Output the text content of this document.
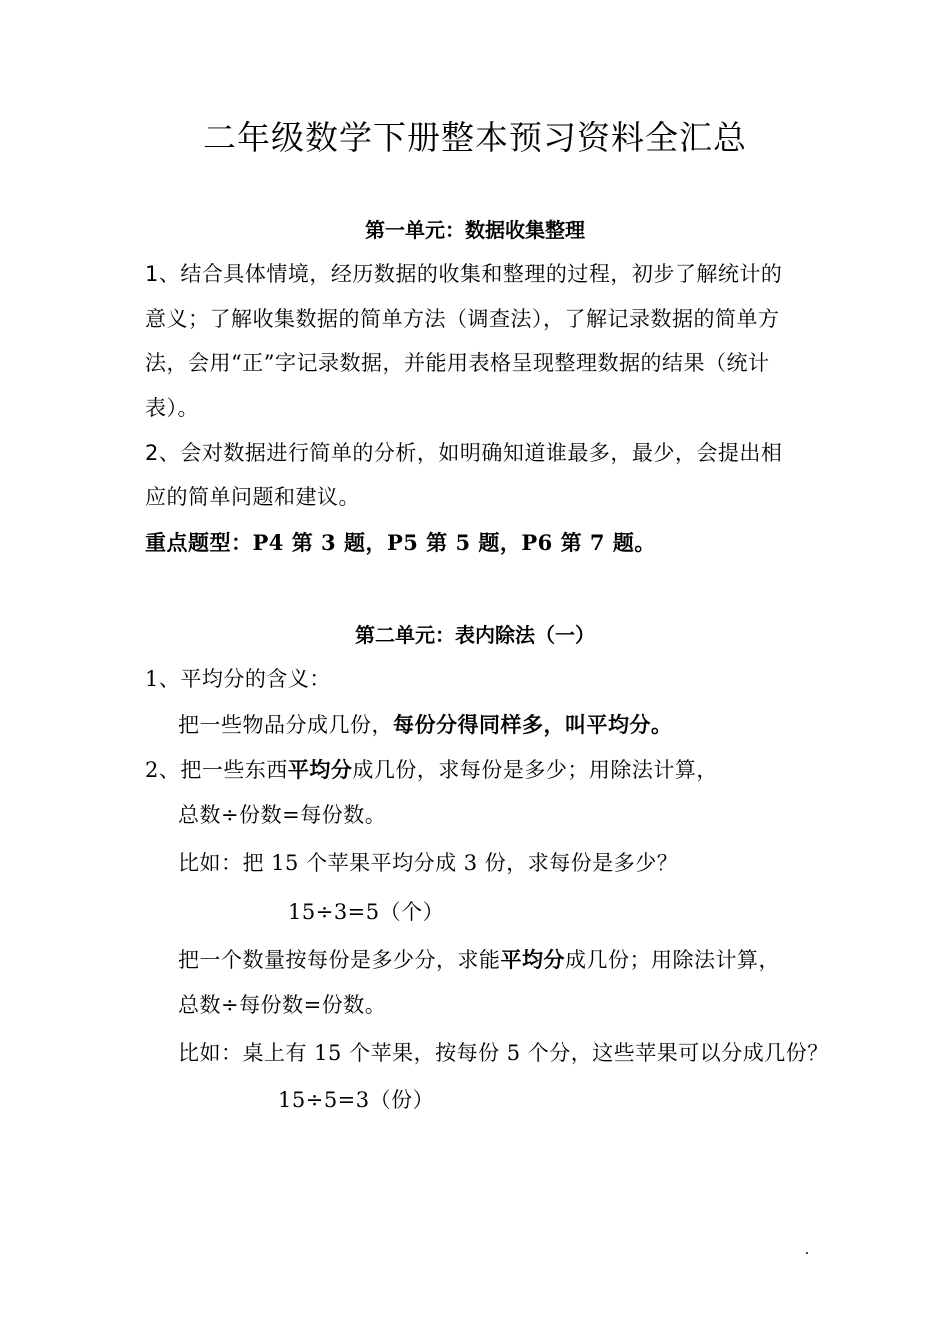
二年级数学下册整本预习资料全汇总
第一单元：数据收集整理
1、结合具体情境，经历数据的收集和整理的过程，初步了解统计的
意义；了解收集数据的简单方法（调查法），了解记录数据的简单方
法，会用“正”字记录数据，并能用表格呈现整理数据的结果（统计
表）。
2、会对数据进行简单的分析，如明确知道谁最多，最少，会提出相
应的简单问题和建议。
重点题型：P4 第 3 题，P5 第 5 题，P6 第 7 题。
第二单元：表内除法（一）
1、平均分的含义：
把一些物品分成几份，每份分得同样多，叫平均分。
2、把一些东西平均分成几份，求每份是多少；用除法计算，
总数÷份数=每份数。
比如：把 15 个苹果平均分成 3 份，求每份是多少？
15÷3=5（个）
把一个数量按每份是多少分，求能平均分成几份；用除法计算，
总数÷每份数=份数。
比如：桌上有 15 个苹果，按每份 5 个分，这些苹果可以分成几份？
15÷5=3（份）
